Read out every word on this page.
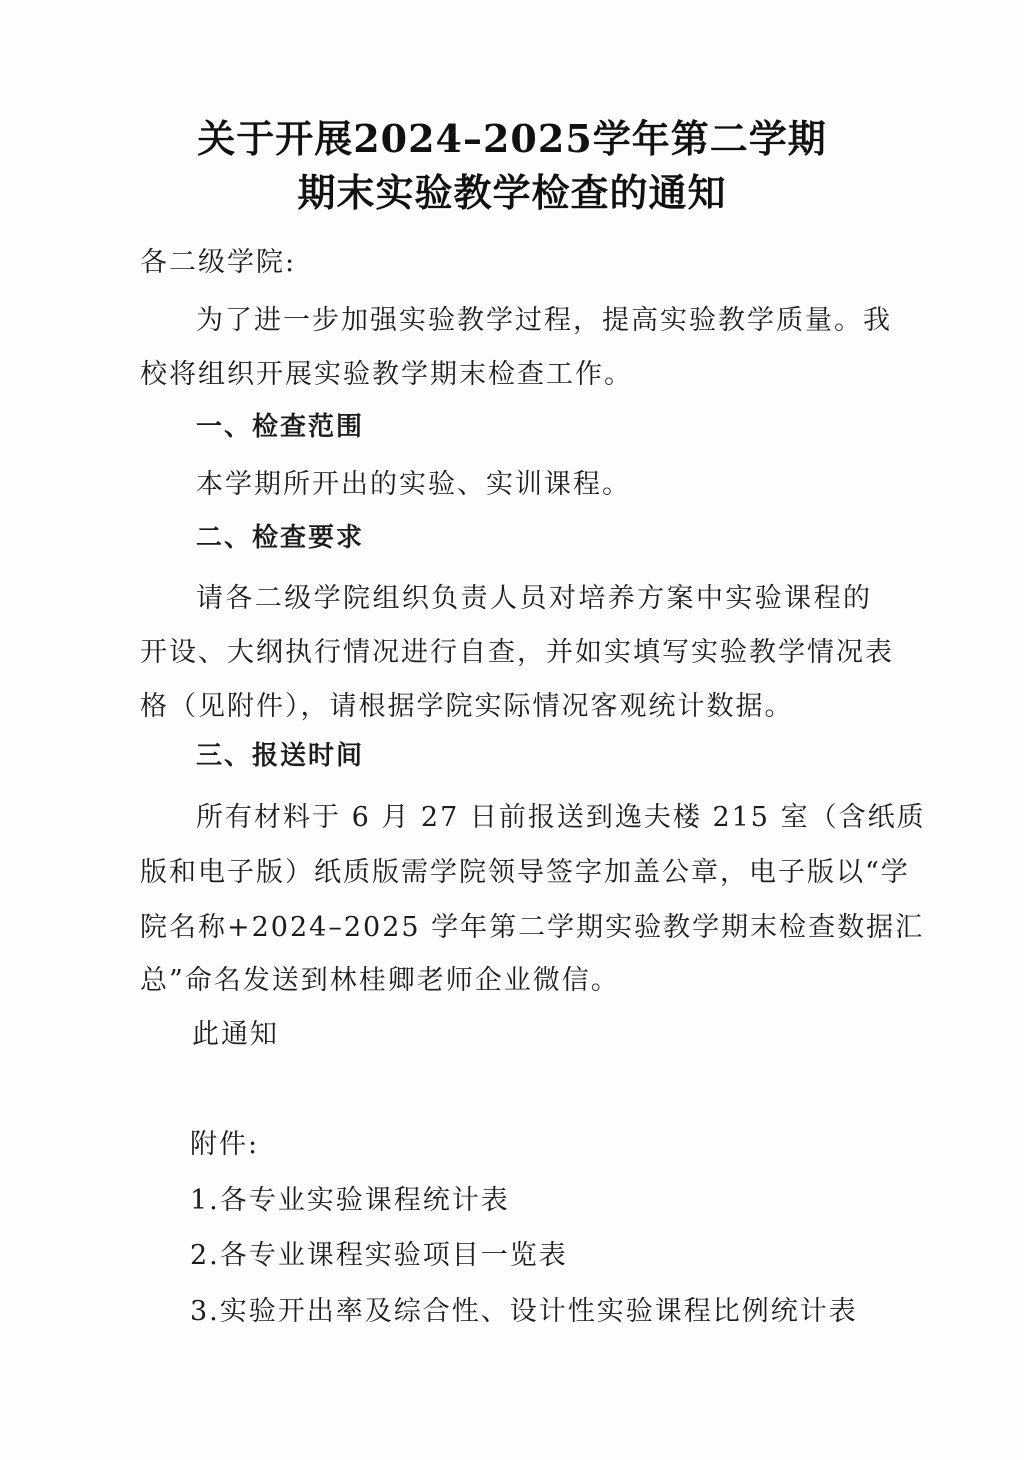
关于开展2024–2025学年第二学期
期末实验教学检查的通知
各二级学院:
为了进一步加强实验教学过程，提高实验教学质量。我
校将组织开展实验教学期末检查工作。
一、检查范围
本学期所开出的实验、实训课程。
二、检查要求
请各二级学院组织负责人员对培养方案中实验课程的
开设、大纲执行情况进行自查，并如实填写实验教学情况表
格（见附件），请根据学院实际情况客观统计数据。
三、报送时间
所有材料于 6 月 27 日前报送到逸夫楼 215 室（含纸质
版和电子版）纸质版需学院领导签字加盖公章，电子版以“学
院名称+2024–2025 学年第二学期实验教学期末检查数据汇
总”命名发送到林桂卿老师企业微信。
此通知
附件:
1.各专业实验课程统计表
2.各专业课程实验项目一览表
3.实验开出率及综合性、设计性实验课程比例统计表
